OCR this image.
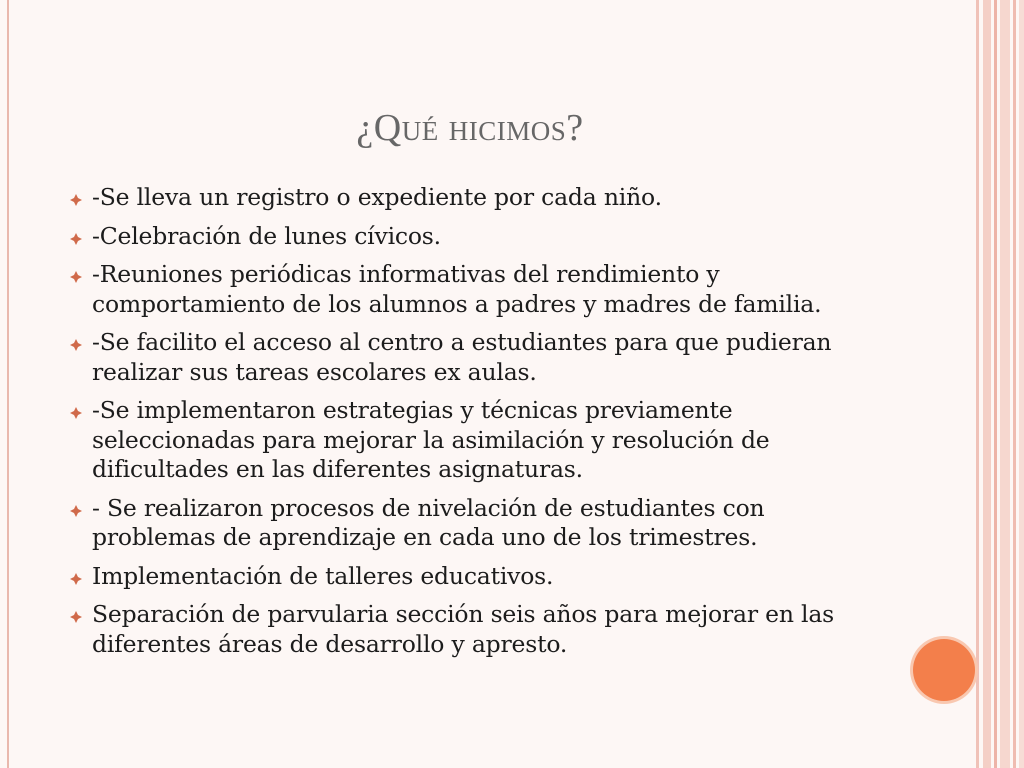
¿Qué hicimos?
-Se lleva un registro o expediente por cada niño.
-Celebración de lunes cívicos.
-Reuniones periódicas informativas del rendimiento y comportamiento de los alumnos a padres y madres de familia.
-Se facilito el acceso al centro a estudiantes para que pudieran realizar sus tareas escolares ex aulas.
-Se implementaron estrategias y técnicas previamente seleccionadas para mejorar la asimilación y resolución de dificultades en las diferentes asignaturas.
- Se realizaron procesos de nivelación de estudiantes con problemas de aprendizaje en cada uno de los trimestres.
Implementación de talleres educativos.
Separación de parvularia sección seis años para mejorar en las diferentes áreas de desarrollo y apresto.
